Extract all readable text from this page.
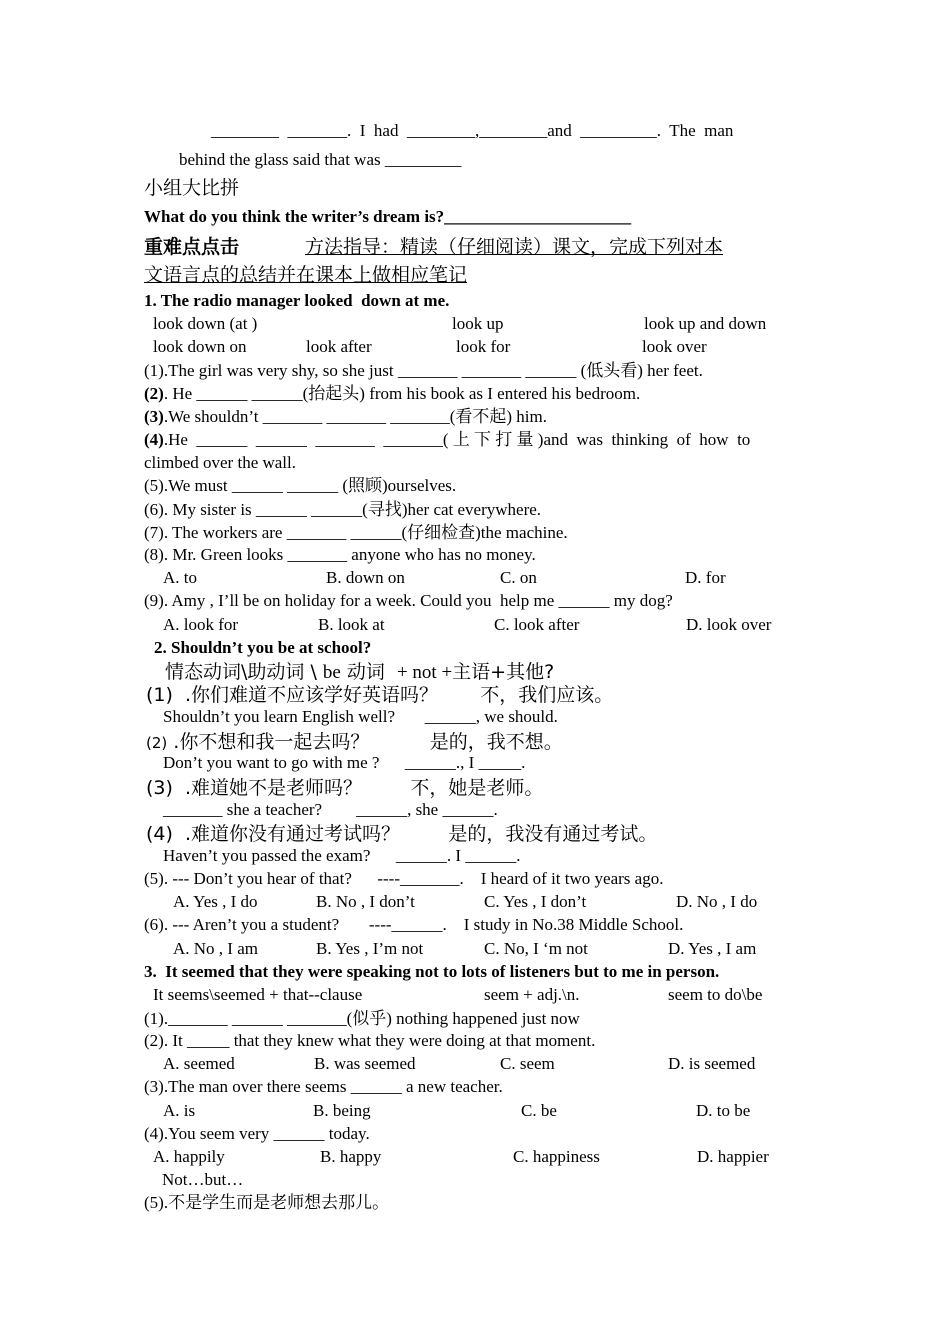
________  _______.  I  had  ________,________and  _________.  The  man
behind the glass said that was _________
小组大比拼
What do you think the writer’s dream is?______________________
重难点点击	方法指导：精读（仔细阅读）课文，完成下列对本
文语言点的总结并在课本上做相应笔记
1. The radio manager looked  down at me.
look down (at )	look up	look up and down
look down on	look after	look for	look over
(1).The girl was very shy, so she just _______ _______ ______ (低头看) her feet.
(2). He ______ ______(抬起头) from his book as I entered his bedroom.
(3).We shouldn’t _______ _______ _______(看不起) him.
(4).He  ______  ______  _______  _______( 上 下 打 量 )and  was  thinking  of  how  to
climbed over the wall.
(5).We must ______ ______ (照顾)ourselves.
(6). My sister is ______ ______(寻找)her cat everywhere.
(7). The workers are _______ ______(仔细检查)the machine.
(8). Mr. Green looks _______ anyone who has no money.
A. to	B. down on	C. on	D. for
(9). Amy , I’ll be on holiday for a week. Could you  help me ______ my dog?
A. look for	B. look at	C. look after	D. look over
2. Shouldn’t you be at school?
情态动词\助动词 \ be 动词  + not +主语+其他?
(1)  .你们难道不应该学好英语吗？       不，我们应该。
Shouldn’t you learn English well?       ______, we should.
(2) .你不想和我一起去吗？          是的，我不想。
Don’t you want to go with me ?      ______., I _____.
(3)  .难道她不是老师吗？        不，她是老师。
_______ she a teacher?        ______, she ______.
(4)  .难道你没有通过考试吗？        是的，我没有通过考试。
Haven’t you passed the exam?      ______. I ______.
(5). --- Don’t you hear of that?      ----_______.    I heard of it two years ago.
A. Yes , I do	B. No , I don’t	C. Yes , I don’t	D. No , I do
(6). --- Aren’t you a student?       ----______.    I study in No.38 Middle School.
A. No , I am	B. Yes , I’m not	C. No, I ‘m not	D. Yes , I am
3.  It seemed that they were speaking not to lots of listeners but to me in person.
It seems\seemed + that--clause	seem + adj.\n.	seem to do\be
(1)._______ ______ _______(似乎) nothing happened just now
(2). It _____ that they knew what they were doing at that moment.
A. seemed	B. was seemed	C. seem	D. is seemed
(3).The man over there seems ______ a new teacher.
A. is	B. being	C. be	D. to be
(4).You seem very ______ today.
A. happily	B. happy	C. happiness	D. happier
Not…but…
(5).不是学生而是老师想去那儿。
